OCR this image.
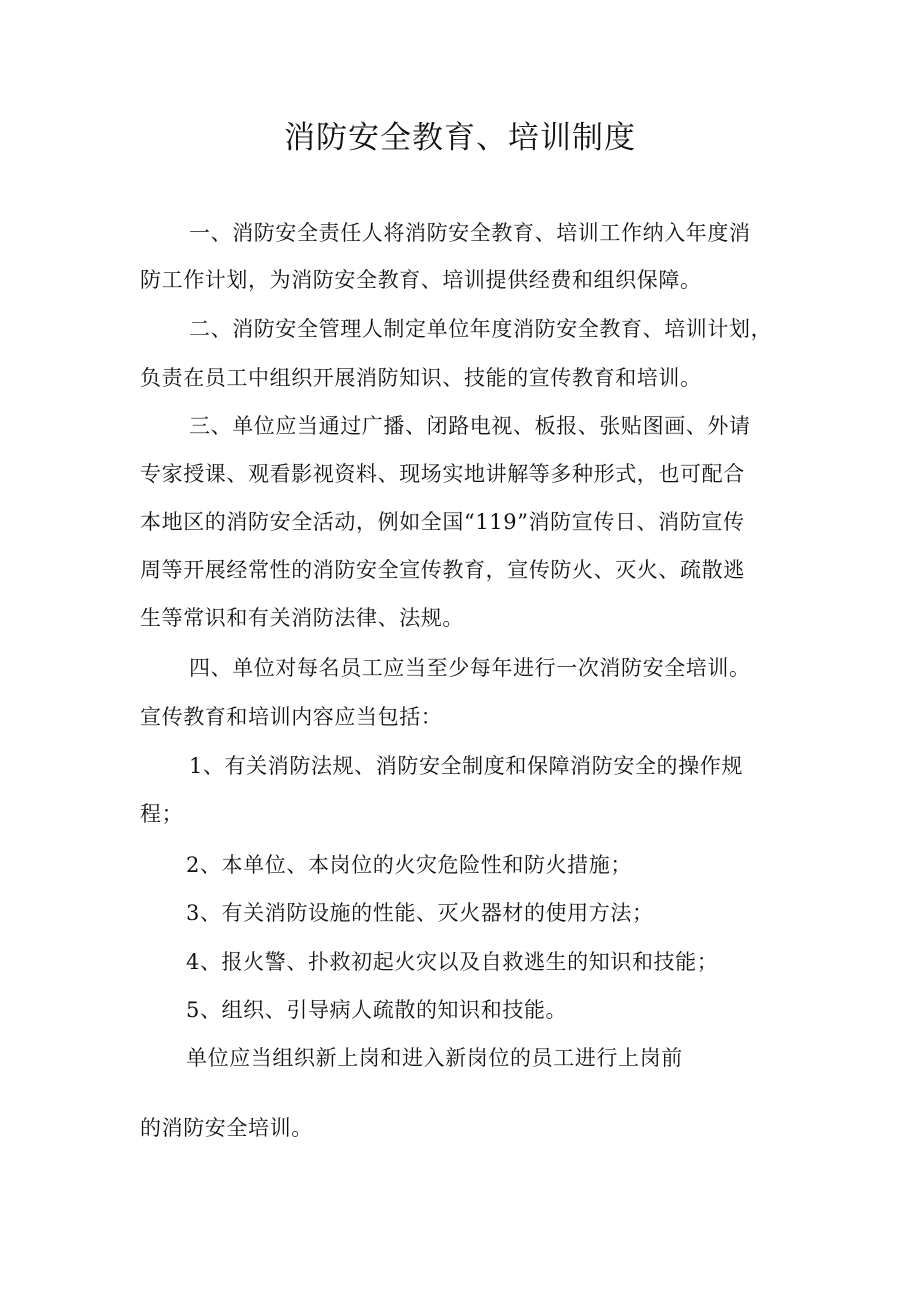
消防安全教育、培训制度
一、消防安全责任人将消防安全教育、培训工作纳入年度消
防工作计划，为消防安全教育、培训提供经费和组织保障。
二、消防安全管理人制定单位年度消防安全教育、培训计划，
负责在员工中组织开展消防知识、技能的宣传教育和培训。
三、单位应当通过广播、闭路电视、板报、张贴图画、外请
专家授课、观看影视资料、现场实地讲解等多种形式，也可配合
本地区的消防安全活动，例如全国“119”消防宣传日、消防宣传
周等开展经常性的消防安全宣传教育，宣传防火、灭火、疏散逃
生等常识和有关消防法律、法规。
四、单位对每名员工应当至少每年进行一次消防安全培训。
宣传教育和培训内容应当包括：
1、有关消防法规、消防安全制度和保障消防安全的操作规
程；
2、本单位、本岗位的火灾危险性和防火措施；
3、有关消防设施的性能、灭火器材的使用方法；
4、报火警、扑救初起火灾以及自救逃生的知识和技能；
5、组织、引导病人疏散的知识和技能。
单位应当组织新上岗和进入新岗位的员工进行上岗前
的消防安全培训。
